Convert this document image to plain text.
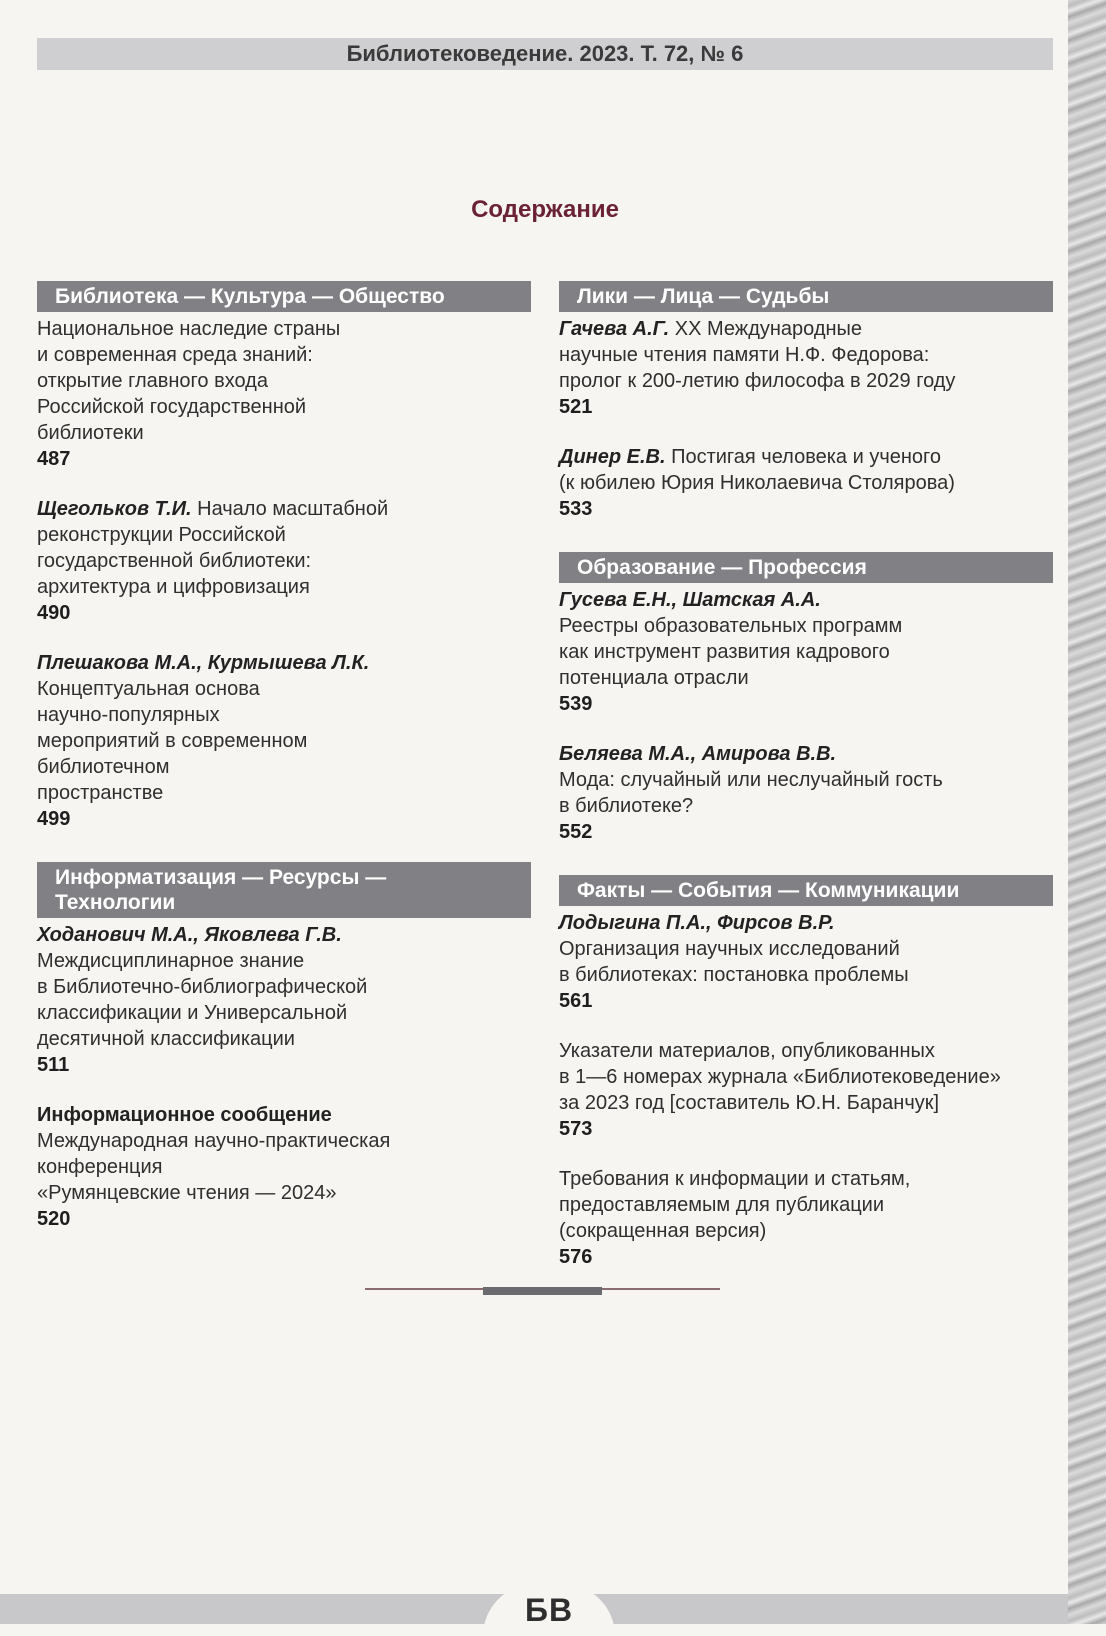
Библиотековедение. 2023. Т. 72, № 6
Содержание
Библиотека — Культура — Общество
Национальное наследие страны
и современная среда знаний:
открытие главного входа
Российской государственной
библиотеки
487
Щегольков Т.И. Начало масштабной
реконструкции Российской
государственной библиотеки:
архитектура и цифровизация
490
Плешакова М.А., Курмышева Л.К.
Концептуальная основа
научно-популярных
мероприятий в современном
библиотечном
пространстве
499
Информатизация — Ресурсы —
Технологии
Ходанович М.А., Яковлева Г.В.
Междисциплинарное знание
в Библиотечно-библиографической
классификации и Универсальной
десятичной классификации
511
Информационное сообщение
Международная научно-практическая
конференция
«Румянцевские чтения — 2024»
520
Лики — Лица — Судьбы
Гачева А.Г. XX Международные
научные чтения памяти Н.Ф. Федорова:
пролог к 200-летию философа в 2029 году
521
Динер Е.В. Постигая человека и ученого
(к юбилею Юрия Николаевича Столярова)
533
Образование — Профессия
Гусева Е.Н., Шатская А.А.
Реестры образовательных программ
как инструмент развития кадрового
потенциала отрасли
539
Беляева М.А., Амирова В.В.
Мода: случайный или неслучайный гость
в библиотеке?
552
Факты — События — Коммуникации
Лодыгина П.А., Фирсов В.Р.
Организация научных исследований
в библиотеках: постановка проблемы
561
Указатели материалов, опубликованных
в 1—6 номерах журнала «Библиотековедение»
за 2023 год [составитель Ю.Н. Баранчук]
573
Требования к информации и статьям,
предоставляемым для публикации
(сокращенная версия)
576
БВ
